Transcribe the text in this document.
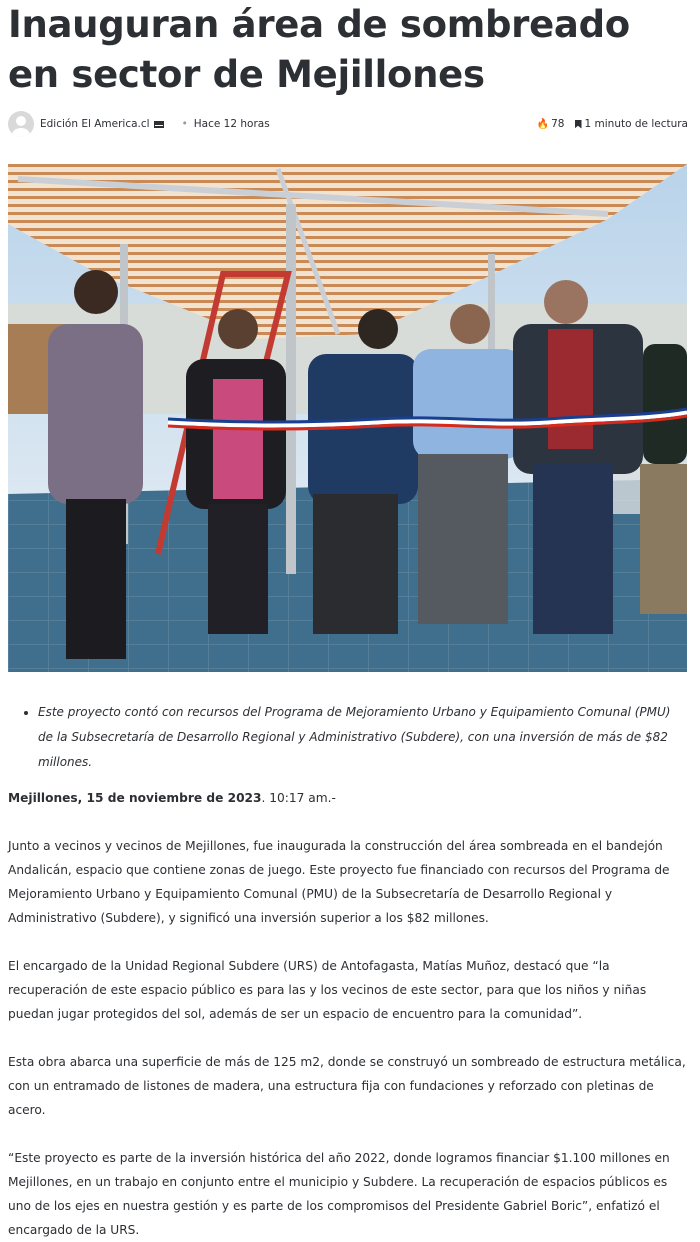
Inauguran área de sombreado en sector de Mejillones
Edición El America.cl	• Hace 12 horas	🔥 78 1 minuto de lectura
• Este proyecto contó con recursos del Programa de Mejoramiento Urbano y Equipamiento Comunal (PMU) de la Subsecretaría de Desarrollo Regional y Administrativo (Subdere), con una inversión de más de $82 millones.

Mejillones, 15 de noviembre de 2023. 10:17 am.-

Junto a vecinos y vecinos de Mejillones, fue inaugurada la construcción del área sombreada en el bandejón Andalicán, espacio que contiene zonas de juego. Este proyecto fue financiado con recursos del Programa de Mejoramiento Urbano y Equipamiento Comunal (PMU) de la Subsecretaría de Desarrollo Regional y Administrativo (Subdere), y significó una inversión superior a los $82 millones.

El encargado de la Unidad Regional Subdere (URS) de Antofagasta, Matías Muñoz, destacó que “la recuperación de este espacio público es para las y los vecinos de este sector, para que los niños y niñas puedan jugar protegidos del sol, además de ser un espacio de encuentro para la comunidad”.

Esta obra abarca una superficie de más de 125 m2, donde se construyó un sombreado de estructura metálica, con un entramado de listones de madera, una estructura fija con fundaciones y reforzado con pletinas de acero.

“Este proyecto es parte de la inversión histórica del año 2022, donde logramos financiar $1.100 millones en Mejillones, en un trabajo en conjunto entre el municipio y Subdere. La recuperación de espacios públicos es uno de los ejes en nuestra gestión y es parte de los compromisos del Presidente Gabriel Boric”, enfatizó el encargado de la URS.
